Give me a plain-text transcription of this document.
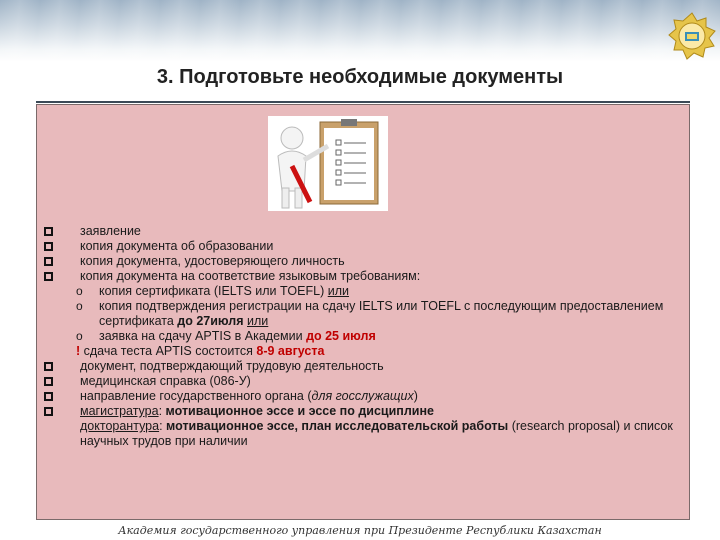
3. Подготовьте необходимые документы
заявление
копия документа об образовании
копия документа, удостоверяющего личность
копия документа на соответствие языковым требованиям:
o копия сертификата (IELTS или TOEFL) или
o копия подтверждения регистрации на сдачу IELTS или TOEFL с последующим предоставлением сертификата до 27июля или
o заявка на сдачу APTIS в Академии до 25 июля
! сдача теста APTIS состоится 8-9 августа
документ, подтверждающий трудовую деятельность
медицинская справка (086-У)
направление государственного органа (для госслужащих)
магистратура: мотивационное эссе и эссе по дисциплине
докторантура: мотивационное эссе, план исследовательской работы (research proposal) и список научных трудов при наличии
Академия государственного управления при Президенте Республики Казахстан
